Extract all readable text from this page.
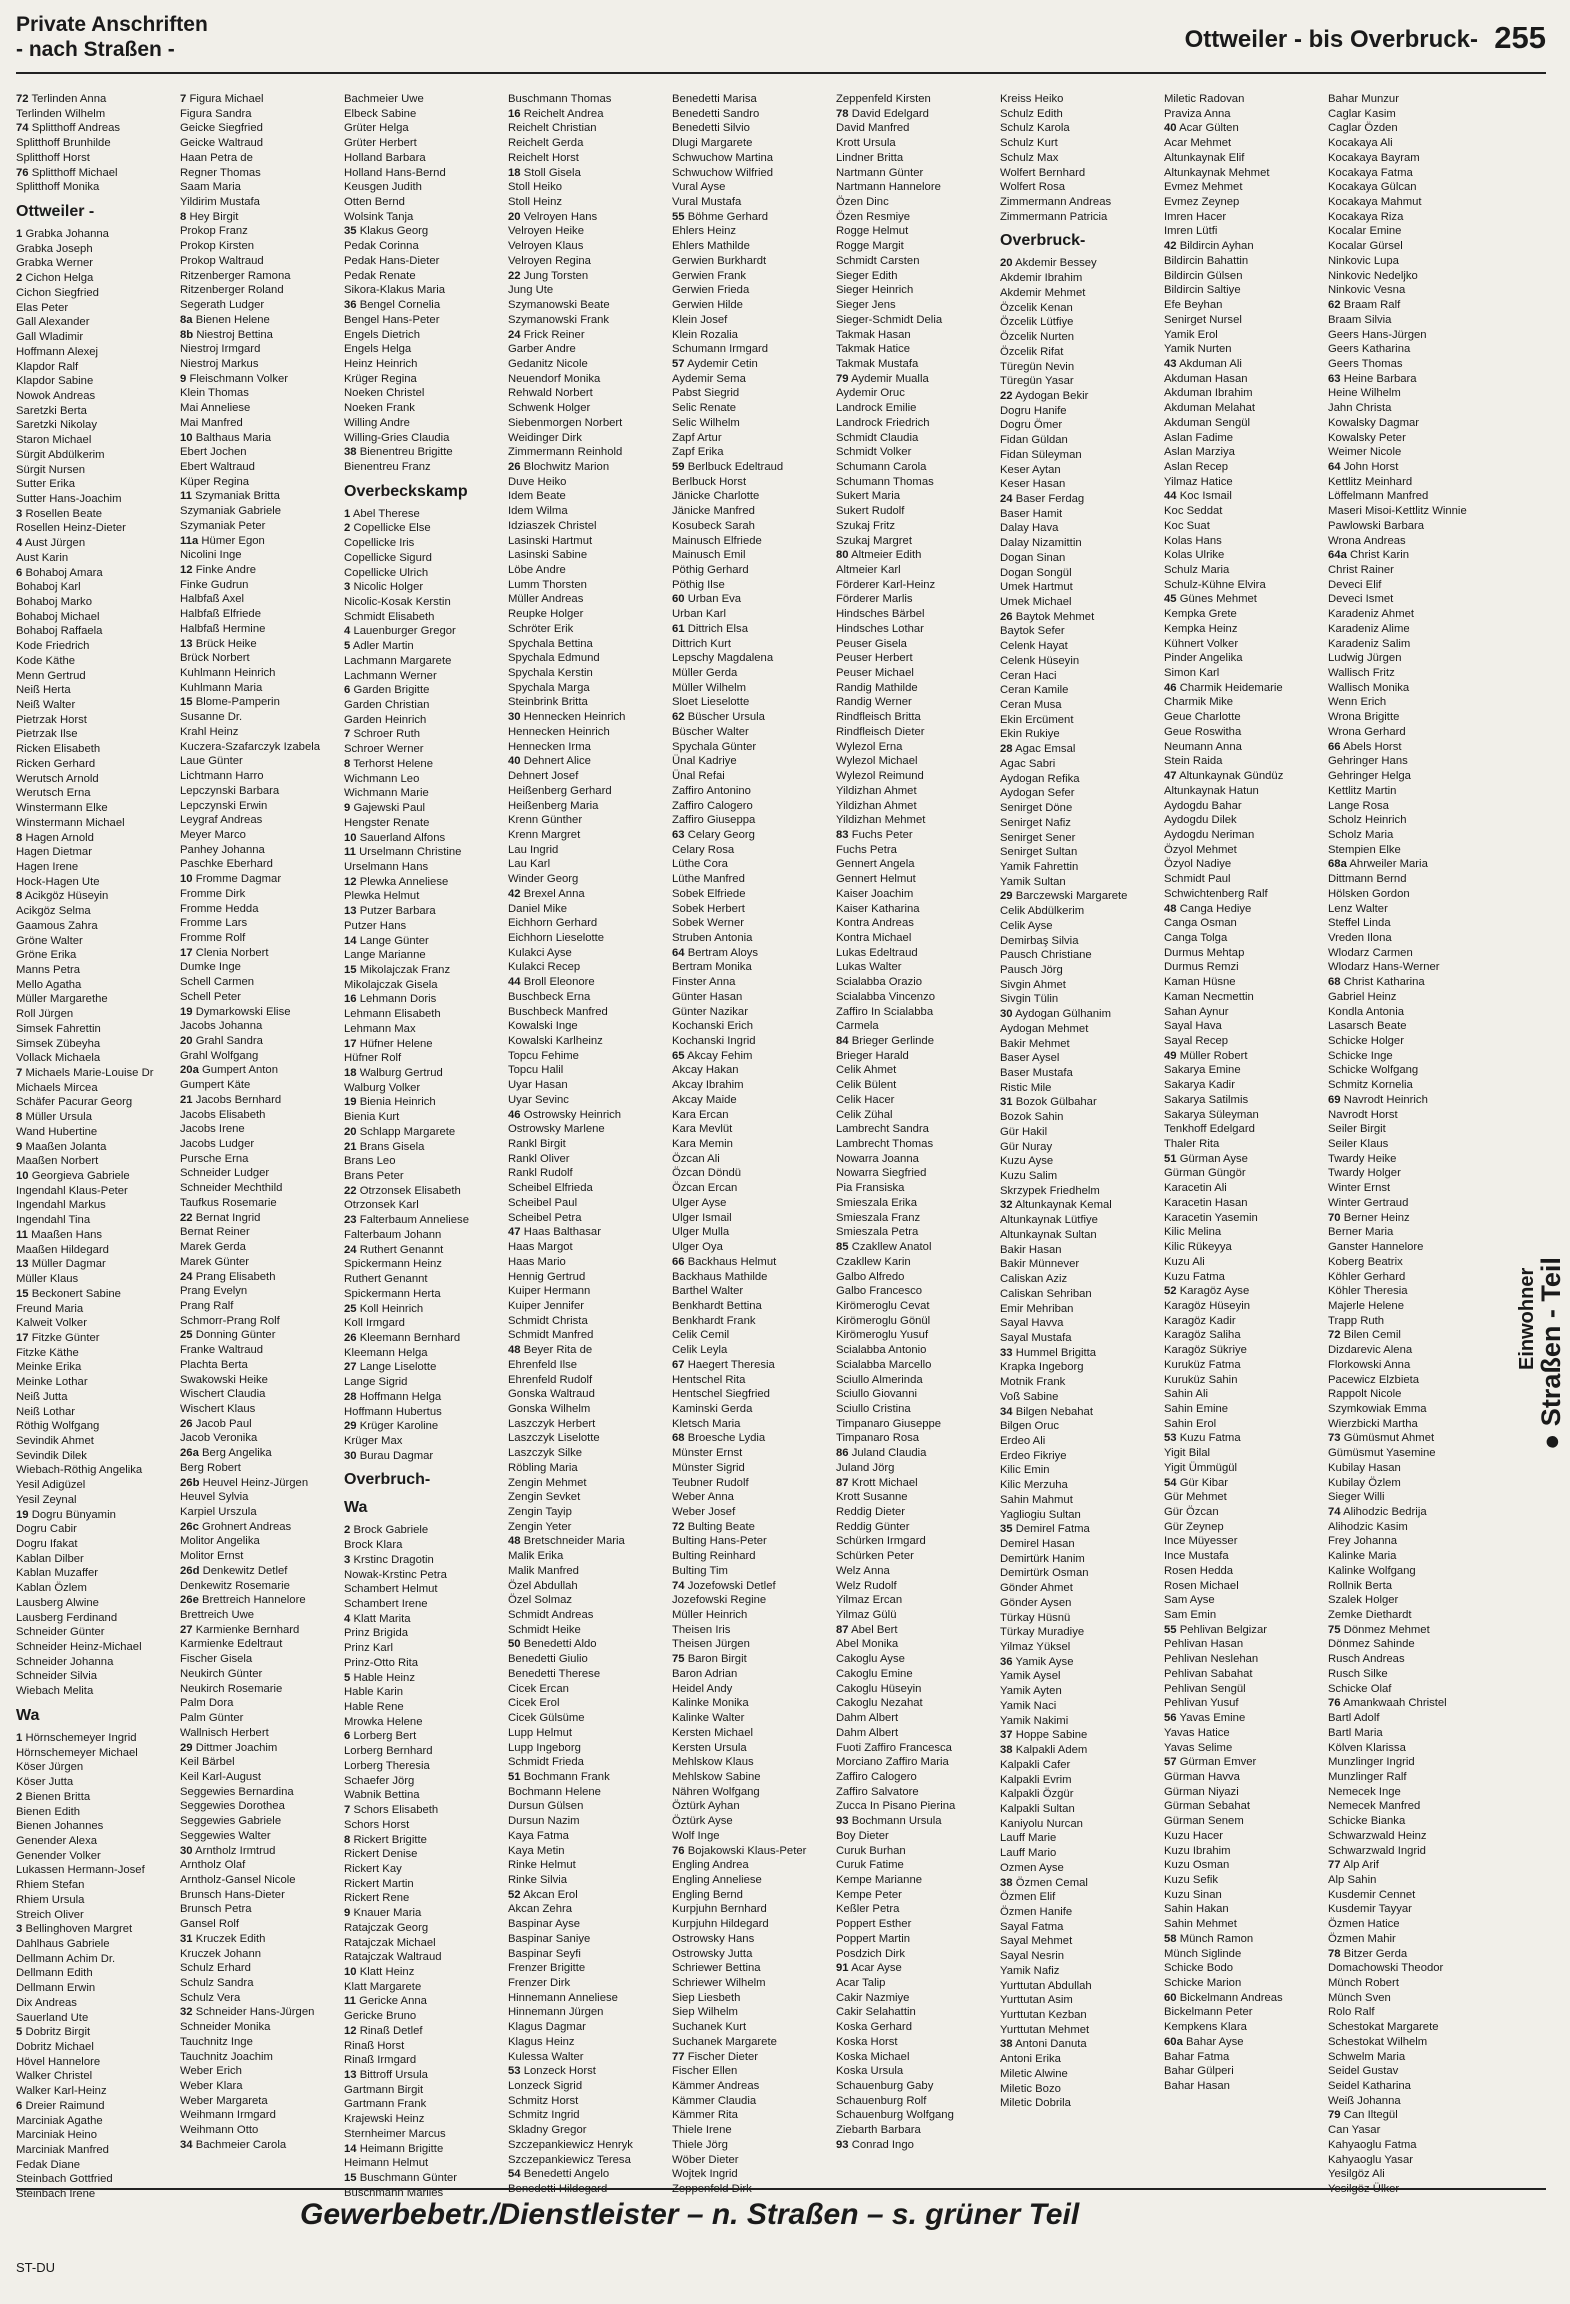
Private Anschriften
- nach Straßen -	Ottweiler - bis Overbruck- 255
72 Terlinden Anna
Terlinden Wilhelm
74 Splitthoff Andreas
Splitthoff Brunhilde
Splitthoff Horst
76 Splitthoff Michael
Splitthoff Monika
Ottweiler -
1 Grabka Johanna
Grabka Joseph
Grabka Werner
2 Cichon Helga
Cichon Siegfried
Elas Peter
Gall Alexander
Gall Wladimir
Hoffmann Alexej
Klapdor Ralf
Klapdor Sabine
Nowok Andreas
Saretzki Berta
Saretzki Nikolay
Staron Michael
Sürgit Abdülkerim
Sürgit Nursen
Sutter Erika
Sutter Hans-Joachim
3 Rosellen Beate
Rosellen Heinz-Dieter
4 Aust Jürgen
Aust Karin
6 Bohaboj Amara
Bohaboj Karl
Bohaboj Marko
Bohaboj Michael
Bohaboj Raffaela
Kode Friedrich
Kode Käthe
Menn Gertrud
Neiß Herta
Neiß Walter
Pietrzak Horst
Pietrzak Ilse
Ricken Elisabeth
Ricken Gerhard
Werutsch Arnold
Werutsch Erna
Winstermann Elke
Winstermann Michael
8 Hagen Arnold
Hagen Dietmar
Hagen Irene
Hock-Hagen Ute
8 Acikgöz Hüseyin
Acikgöz Selma
Gaamous Zahra
Gröne Walter
Gröne Erika
Manns Petra
Mello Agatha
Müller Margarethe
Roll Jürgen
Simsek Fahrettin
Simsek Zübeyha
Vollack Michaela
7 Michaels Marie-Louise Dr
Michaels Mircea
Schäfer Pacurar Georg
8 Müller Ursula
Wand Hubertine
9 Maaßen Jolanta
Maaßen Norbert
10 Georgieva Gabriele
Ingendahl Klaus-Peter
Ingendahl Markus
Ingendahl Tina
11 Maaßen Hans
Maaßen Hildegard
13 Müller Dagmar
Müller Klaus
15 Beckonert Sabine
Freund Maria
Kalweit Volker
17 Fitzke Günter
Fitzke Käthe
Meinke Erika
Meinke Lothar
Neiß Jutta
Neiß Lothar
Röthig Wolfgang
Sevindik Ahmet
Sevindik Dilek
Wiebach-Röthig Angelika
Yesil Adigüzel
Yesil Zeynal
19 Dogru Bünyamin
Dogru Cabir
Dogru Ifakat
Kablan Dilber
Kablan Muzaffer
Kablan Özlem
Lausberg Alwine
Lausberg Ferdinand
Schneider Günter
Schneider Heinz-Michael
Schneider Johanna
Schneider Silvia
Wiebach Melita
Wa
1 Hörnschemeyer Ingrid
Hörnschemeyer Michael
Köser Jürgen
Köser Jutta
2 Bienen Britta
Bienen Edith
Bienen Johannes
Genender Alexa
Genender Volker
Lukassen Hermann-Josef
Rhiem Stefan
Rhiem Ursula
Streich Oliver
3 Bellinghoven Margret
Dahlhaus Gabriele
Dellmann Achim Dr.
Dellmann Edith
Dellmann Erwin
Dix Andreas
Sauerland Ute
5 Dobritz Birgit
Dobritz Michael
Hövel Hannelore
Walker Christel
Walker Karl-Heinz
6 Dreier Raimund
Marciniak Agathe
Marciniak Heino
Marciniak Manfred
Fedak Diane
Steinbach Gottfried
Steinbach Irene
7 Figura Michael
Figura Sandra
Geicke Siegfried
Geicke Waltraud
Haan Petra de
Regner Thomas
Saam Maria
Yildirim Mustafa
8 Hey Birgit
Prokop Franz
Prokop Kirsten
Prokop Waltraud
Ritzenberger Ramona
Ritzenberger Roland
Segerath Ludger
8a Bienen Helene
8b Niestroj Bettina
Niestroj Irmgard
Niestroj Markus
9 Fleischmann Volker
Klein Thomas
Mai Anneliese
Mai Manfred
10 Balthaus Maria
Ebert Jochen
Ebert Waltraud
Küper Regina
11 Szymaniak Britta
Szymaniak Gabriele
Szymaniak Peter
11a Hümer Egon
Nicolini Inge
12 Finke Andre
Finke Gudrun
Halbfaß Axel
Halbfaß Elfriede
Halbfaß Hermine
13 Brück Heike
Brück Norbert
Kuhlmann Heinrich
Kuhlmann Maria
15 Blome-Pamperin
Susanne Dr.
Krahl Heinz
Kuczera-Szafarczyk Izabela
Laue Günter
Lichtmann Harro
Lepczynski Barbara
Lepczynski Erwin
Leygraf Andreas
Meyer Marco
Panhey Johanna
Paschke Eberhard
10 Fromme Dagmar
Fromme Dirk
Fromme Hedda
Fromme Lars
Fromme Rolf
17 Clenia Norbert
Dumke Inge
Schell Carmen
Schell Peter
19 Dymarkowski Elise
Jacobs Johanna
20 Grahl Sandra
Grahl Wolfgang
20a Gumpert Anton
Gumpert Käte
21 Jacobs Bernhard
Jacobs Elisabeth
Jacobs Irene
Jacobs Ludger
Pursche Erna
Schneider Ludger
Schneider Mechthild
Taufkus Rosemarie
22 Bernat Ingrid
Bernat Reiner
Marek Gerda
Marek Günter
24 Prang Elisabeth
Prang Evelyn
Prang Ralf
Schmorr-Prang Rolf
25 Donning Günter
Franke Waltraud
Plachta Berta
Swakowski Heike
Wischert Claudia
Wischert Klaus
26 Jacob Paul
Jacob Veronika
26a Berg Angelika
Berg Robert
26b Heuvel Heinz-Jürgen
Heuvel Sylvia
Karpiel Urszula
26c Grohnert Andreas
Molitor Angelika
Molitor Ernst
26d Denkewitz Detlef
Denkewitz Rosemarie
26e Brettreich Hannelore
Brettreich Uwe
27 Karmienke Bernhard
Karmienke Edeltraut
Fischer Gisela
Neukirch Günter
Neukirch Rosemarie
Palm Dora
Palm Günter
Wallnisch Herbert
29 Dittmer Joachim
Keil Bärbel
Keil Karl-August
Seggewies Bernardina
Seggewies Dorothea
Seggewies Gabriele
Seggewies Walter
30 Arntholz Irmtrud
Arntholz Olaf
Arntholz-Gansel Nicole
Brunsch Hans-Dieter
Brunsch Petra
Gansel Rolf
31 Kruczek Edith
Kruczek Johann
Schulz Erhard
Schulz Sandra
Schulz Vera
32 Schneider Hans-Jürgen
Schneider Monika
Tauchnitz Inge
Tauchnitz Joachim
Weber Erich
Weber Klara
Weber Margareta
Weihmann Irmgard
Weihmann Otto
34 Bachmeier Carola
Bachmeier Uwe
Elbeck Sabine
Grüter Helga
Grüter Herbert
Holland Barbara
Holland Hans-Bernd
Keusgen Judith
Otten Bernd
Wolsink Tanja
35 Klakus Georg
Pedak Corinna
Pedak Hans-Dieter
Pedak Renate
Sikora-Klakus Maria
36 Bengel Cornelia
Bengel Hans-Peter
Engels Dietrich
Engels Helga
Heinz Heinrich
Krüger Regina
Noeken Christel
Noeken Frank
Willing Andre
Willing-Gries Claudia
38 Bienentreu Brigitte
Bienentreu Franz
Overbeckskamp
1 Abel Therese
2 Copellicke Else
Copellicke Iris
Copellicke Sigurd
Copellicke Ulrich
3 Nicolic Holger
Nicolic-Kosak Kerstin
Schmidt Elisabeth
4 Lauenburger Gregor
5 Adler Martin
Lachmann Margarete
Lachmann Werner
6 Garden Brigitte
Garden Christian
Garden Heinrich
7 Schroer Ruth
Schroer Werner
8 Terhorst Helene
Wichmann Leo
Wichmann Marie
9 Gajewski Paul
Hengster Renate
10 Sauerland Alfons
11 Urselmann Christine
Urselmann Hans
12 Plewka Anneliese
Plewka Helmut
13 Putzer Barbara
Putzer Hans
14 Lange Günter
Lange Marianne
15 Mikolajczak Franz
Mikolajczak Gisela
16 Lehmann Doris
Lehmann Elisabeth
Lehmann Max
17 Hüfner Helene
Hüfner Rolf
18 Walburg Gertrud
Walburg Volker
19 Bienia Heinrich
Bienia Kurt
20 Schlapp Margarete
21 Brans Gisela
Brans Leo
Brans Peter
22 Otrzonsek Elisabeth
Otrzonsek Karl
23 Falterbaum Anneliese
Falterbaum Johann
24 Ruthert Genannt
Spickermann Heinz
Ruthert Genannt
Spickermann Herta
25 Koll Heinrich
Koll Irmgard
26 Kleemann Bernhard
Kleemann Helga
27 Lange Liselotte
Lange Sigrid
28 Hoffmann Helga
Hoffmann Hubertus
29 Krüger Karoline
Krüger Max
30 Burau Dagmar
Overbruch-
Wa
2 Brock Gabriele
Brock Klara
3 Krstinc Dragotin
Nowak-Krstinc Petra
Schambert Helmut
Schambert Irene
4 Klatt Marita
Prinz Brigida
Prinz Karl
Prinz-Otto Rita
5 Hable Heinz
Hable Karin
Hable Rene
Mrowka Helene
6 Lorberg Bert
Lorberg Bernhard
Lorberg Theresia
Schaefer Jörg
Wabnik Bettina
7 Schors Elisabeth
Schors Horst
8 Rickert Brigitte
Rickert Denise
Rickert Kay
Rickert Martin
Rickert Rene
9 Knauer Maria
Ratajczak Georg
Ratajczak Michael
Ratajczak Waltraud
10 Klatt Heinz
Klatt Margarete
11 Gericke Anna
Gericke Bruno
12 Rinaß Detlef
Rinaß Horst
Rinaß Irmgard
13 Bittroff Ursula
Gartmann Birgit
Gartmann Frank
Krajewski Heinz
Sternheimer Marcus
14 Heimann Brigitte
Heimann Helmut
15 Buschmann Günter
Buschmann Marlies
Buschmann Thomas
16 Reichelt Andrea
Reichelt Christian
Reichelt Gerda
Reichelt Horst
18 Stoll Gisela
Stoll Heiko
Stoll Heinz
20 Velroyen Hans
Velroyen Heike
Velroyen Klaus
Velroyen Regina
22 Jung Torsten
Jung Ute
Szymanowski Beate
Szymanowski Frank
24 Frick Reiner
Garber Andre
Gedanitz Nicole
Neuendorf Monika
Rehwald Norbert
Schwenk Holger
Siebenmorgen Norbert
Weidinger Dirk
Zimmermann Reinhold
26 Blochwitz Marion
Duve Heiko
Idem Beate
Idem Wilma
Idziaszek Christel
Lasinski Hartmut
Lasinski Sabine
Löbe Andre
Lumm Thorsten
Müller Andreas
Reupke Holger
Schröter Erik
Spychala Bettina
Spychala Edmund
Spychala Kerstin
Spychala Marga
Steinbrink Britta
30 Hennecken Heinrich
Hennecken Heinrich
Hennecken Irma
40 Dehnert Alice
Dehnert Josef
Heißenberg Gerhard
Heißenberg Maria
Krenn Günther
Krenn Margret
Lau Ingrid
Lau Karl
Winder Georg
42 Brexel Anna
Daniel Mike
Eichhorn Gerhard
Eichhorn Lieselotte
Kulakci Ayse
Kulakci Recep
44 Broll Eleonore
Buschbeck Erna
Buschbeck Manfred
Kowalski Inge
Kowalski Karlheinz
Topcu Fehime
Topcu Halil
Uyar Hasan
Uyar Sevinc
46 Ostrowsky Heinrich
Ostrowsky Marlene
Rankl Birgit
Rankl Oliver
Rankl Rudolf
Scheibel Elfrieda
Scheibel Paul
Scheibel Petra
47 Haas Balthasar
Haas Margot
Haas Mario
Hennig Gertrud
Kuiper Hermann
Kuiper Jennifer
Schmidt Christa
Schmidt Manfred
48 Beyer Rita de
Ehrenfeld Ilse
Ehrenfeld Rudolf
Gonska Waltraud
Gonska Wilhelm
Laszczyk Herbert
Laszczyk Liselotte
Laszczyk Silke
Röbling Maria
Zengin Mehmet
Zengin Sevket
Zengin Tayip
Zengin Yeter
48 Bretschneider Maria
Malik Erika
Malik Manfred
Özel Abdullah
Özel Solmaz
Schmidt Andreas
Schmidt Heike
50 Benedetti Aldo
Benedetti Giulio
Benedetti Therese
Cicek Ercan
Cicek Erol
Cicek Gülsüme
Lupp Helmut
Lupp Ingeborg
Schmidt Frieda
51 Bochmann Frank
Bochmann Helene
Dursun Gülsen
Dursun Nazim
Kaya Fatma
Kaya Metin
Rinke Helmut
Rinke Silvia
52 Akcan Erol
Akcan Zehra
Baspinar Ayse
Baspinar Saniye
Baspinar Seyfi
Frenzer Brigitte
Frenzer Dirk
Hinnemann Anneliese
Hinnemann Jürgen
Klagus Dagmar
Klagus Heinz
Kulessa Walter
53 Lonzeck Horst
Lonzeck Sigrid
Schmitz Horst
Schmitz Ingrid
Skladny Gregor
Szczepankiewicz Henryk
Szczepankiewicz Teresa
54 Benedetti Angelo
Benedetti Hildegard
Benedetti Marisa
Benedetti Sandro
Benedetti Silvio
Dlugi Margarete
Schwuchow Martina
Schwuchow Wilfried
Vural Ayse
Vural Mustafa
55 Böhme Gerhard
Ehlers Heinz
Ehlers Mathilde
Gerwien Burkhardt
Gerwien Frank
Gerwien Frieda
Gerwien Hilde
Klein Josef
Klein Rozalia
Schumann Irmgard
57 Aydemir Cetin
Aydemir Sema
Pabst Siegrid
Selic Renate
Selic Wilhelm
Zapf Artur
Zapf Erika
59 Berlbuck Edeltraud
Berlbuck Horst
Jänicke Charlotte
Jänicke Manfred
Kosubeck Sarah
Mainusch Elfriede
Mainusch Emil
Pöthig Gerhard
Pöthig Ilse
60 Urban Eva
Urban Karl
61 Dittrich Elsa
Dittrich Kurt
Lepschy Magdalena
Müller Gerda
Müller Wilhelm
Sloet Lieselotte
62 Büscher Ursula
Büscher Walter
Spychala Günter
Ünal Kadriye
Ünal Refai
Zaffiro Antonino
Zaffiro Calogero
Zaffiro Giuseppa
63 Celary Georg
Celary Rosa
Lüthe Cora
Lüthe Manfred
Sobek Elfriede
Sobek Herbert
Sobek Werner
Struben Antonia
64 Bertram Aloys
Bertram Monika
Finster Anna
Günter Hasan
Günter Nazikar
Kochanski Erich
Kochanski Ingrid
65 Akcay Fehim
Akcay Hakan
Akcay Ibrahim
Akcay Maide
Kara Ercan
Kara Mevlüt
Kara Memin
Özcan Ali
Özcan Döndü
Özcan Ercan
Ulger Ayse
Ulger Ismail
Ulger Mulla
Ulger Oya
66 Backhaus Helmut
Backhaus Mathilde
Barthel Walter
Benkhardt Bettina
Benkhardt Frank
Celik Cemil
Celik Leyla
67 Haegert Theresia
Hentschel Rita
Hentschel Siegfried
Kaminski Gerda
Kletsch Maria
68 Broesche Lydia
Münster Ernst
Münster Sigrid
Teubner Rudolf
Weber Anna
Weber Josef
72 Bulting Beate
Bulting Hans-Peter
Bulting Reinhard
Bulting Tim
74 Jozefowski Detlef
Jozefowski Regine
Müller Heinrich
Theisen Iris
Theisen Jürgen
75 Baron Birgit
Baron Adrian
Heidel Andy
Kalinke Monika
Kalinke Walter
Kersten Michael
Kersten Ursula
Mehlskow Klaus
Mehlskow Sabine
Nähren Wolfgang
Öztürk Ayhan
Öztürk Ayse
Wolf Inge
76 Bojakowski Klaus-Peter
Engling Andrea
Engling Anneliese
Engling Bernd
Kurpjuhn Bernhard
Kurpjuhn Hildegard
Ostrowsky Hans
Ostrowsky Jutta
Schriewer Bettina
Schriewer Wilhelm
Siep Liesbeth
Siep Wilhelm
Suchanek Kurt
Suchanek Margarete
77 Fischer Dieter
Fischer Ellen
Kämmer Andreas
Kämmer Claudia
Kämmer Rita
Thiele Irene
Thiele Jörg
Wöber Dieter
Wojtek Ingrid
Zeppenfeld Dirk
Zeppenfeld Kirsten
78 David Edelgard
David Manfred
Krott Ursula
Lindner Britta
Nartmann Günter
Nartmann Hannelore
Özen Dinc
Özen Resmiye
Rogge Helmut
Rogge Margit
Schmidt Carsten
Sieger Edith
Sieger Heinrich
Sieger Jens
Sieger-Schmidt Delia
Takmak Hasan
Takmak Hatice
Takmak Mustafa
79 Aydemir Mualla
Aydemir Oruc
Landrock Emilie
Landrock Friedrich
Schmidt Claudia
Schmidt Volker
Schumann Carola
Schumann Thomas
Sukert Maria
Sukert Rudolf
Szukaj Fritz
Szukaj Margret
80 Altmeier Edith
Altmeier Karl
Förderer Karl-Heinz
Förderer Marlis
Hindsches Bärbel
Hindsches Lothar
Peuser Gisela
Peuser Herbert
Peuser Michael
Randig Mathilde
Randig Werner
Rindfleisch Britta
Rindfleisch Dieter
Wylezol Erna
Wylezol Michael
Wylezol Reimund
Yildizhan Ahmet
Yildizhan Ahmet
Yildizhan Mehmet
83 Fuchs Peter
Fuchs Petra
Gennert Angela
Gennert Helmut
Kaiser Joachim
Kaiser Katharina
Kontra Andreas
Kontra Michael
Lukas Edeltraud
Lukas Walter
Scialabba Orazio
Scialabba Vincenzo
Zaffiro In Scialabba
Carmela
84 Brieger Gerlinde
Brieger Harald
Celik Ahmet
Celik Bülent
Celik Hacer
Celik Zühal
Lambrecht Sandra
Lambrecht Thomas
Nowarra Joanna
Nowarra Siegfried
Pia Fransiska
Smieszala Erika
Smieszala Franz
Smieszala Petra
85 Czakllew Anatol
Czakllew Karin
Galbo Alfredo
Galbo Francesco
Kirömeroglu Cevat
Kirömeroglu Gönül
Kirömeroglu Yusuf
Scialabba Antonio
Scialabba Marcello
Sciullo Almerinda
Sciullo Giovanni
Sciullo Cristina
Timpanaro Giuseppe
Timpanaro Rosa
86 Juland Claudia
Juland Jörg
87 Krott Michael
Krott Susanne
Reddig Dieter
Reddig Günter
Schürken Irmgard
Schürken Peter
Welz Anna
Welz Rudolf
Yilmaz Ercan
Yilmaz Gülü
87 Abel Bert
Abel Monika
Cakoglu Ayse
Cakoglu Emine
Cakoglu Hüseyin
Cakoglu Nezahat
Dahm Albert
Dahm Albert
Fuoti Zaffiro Francesca
Morciano Zaffiro Maria
Zaffiro Calogero
Zaffiro Salvatore
Zucca In Pisano Pierina
93 Bochmann Ursula
Boy Dieter
Curuk Burhan
Curuk Fatime
Kempe Marianne
Kempe Peter
Keßler Petra
Poppert Esther
Poppert Martin
Posdzich Dirk
91 Acar Ayse
Acar Talip
Cakir Nazmiye
Cakir Selahattin
Koska Gerhard
Koska Horst
Koska Michael
Koska Ursula
Schauenburg Gaby
Schauenburg Rolf
Schauenburg Wolfgang
Ziebarth Barbara
93 Conrad Ingo
Kreiss Heiko
Schulz Edith
Schulz Karola
Schulz Kurt
Schulz Max
Wolfert Bernhard
Wolfert Rosa
Zimmermann Andreas
Zimmermann Patricia
Overbruck-
20 Akdemir Bessey
Akdemir Ibrahim
Akdemir Mehmet
Özcelik Kenan
Özcelik Lütfiye
Özcelik Nurten
Özcelik Rifat
Türegün Nevin
Türegün Yasar
22 Aydogan Bekir
Dogru Hanife
Dogru Ömer
Fidan Güldan
Fidan Süleyman
Keser Aytan
Keser Hasan
24 Baser Ferdag
Baser Hamit
Dalay Hava
Dalay Nizamittin
Dogan Sinan
Dogan Songül
Umek Hartmut
Umek Michael
26 Baytok Mehmet
Baytok Sefer
Celenk Hayat
Celenk Hüseyin
Ceran Haci
Ceran Kamile
Ceran Musa
Ekin Ercüment
Ekin Rukiye
28 Agac Emsal
Agac Sabri
Aydogan Refika
Aydogan Sefer
Senirget Döne
Senirget Nafiz
Senirget Sener
Senirget Sultan
Yamik Fahrettin
Yamik Sultan
29 Barczewski Margarete
Celik Abdülkerim
Celik Ayse
Demirbaş Silvia
Pausch Christiane
Pausch Jörg
Sivgin Ahmet
Sivgin Tülin
30 Aydogan Gülhanim
Aydogan Mehmet
Bakir Mehmet
Baser Aysel
Baser Mustafa
Ristic Mile
31 Bozok Gülbahar
Bozok Sahin
Gür Hakil
Gür Nuray
Kuzu Ayse
Kuzu Salim
Skrzypek Friedhelm
32 Altunkaynak Kemal
Altunkaynak Lütfiye
Altunkaynak Sultan
Bakir Hasan
Bakir Münnever
Caliskan Aziz
Caliskan Sehriban
Emir Mehriban
Sayal Havva
Sayal Mustafa
33 Hummel Brigitta
Krapka Ingeborg
Motnik Frank
Voß Sabine
34 Bilgen Nebahat
Bilgen Oruc
Erdeo Ali
Erdeo Fikriye
Kilic Emin
Kilic Merzuha
Sahin Mahmut
Yagliogiu Sultan
35 Demirel Fatma
Demirel Hasan
Demirtürk Hanim
Demirtürk Osman
Gönder Ahmet
Gönder Aysen
Türkay Hüsnü
Türkay Muradiye
Yilmaz Yüksel
36 Yamik Ayse
Yamik Aysel
Yamik Ayten
Yamik Naci
Yamik Nakimi
37 Hoppe Sabine
38 Kalpakli Adem
Kalpakli Cafer
Kalpakli Evrim
Kalpakli Özgür
Kalpakli Sultan
Kaniyolu Nurcan
Lauff Marie
Lauff Mario
Ozmen Ayse
38 Özmen Cemal
Özmen Elif
Özmen Hanife
Sayal Fatma
Sayal Mehmet
Sayal Nesrin
Yamik Nafiz
Yurttutan Abdullah
Yurttutan Asim
Yurttutan Kezban
Yurttutan Mehmet
38 Antoni Danuta
Antoni Erika
Miletic Alwine
Miletic Bozo
Miletic Dobrila
Miletic Radovan
Praviza Anna
40 Acar Gülten
Acar Mehmet
Altunkaynak Elif
Altunkaynak Mehmet
Evmez Mehmet
Evmez Zeynep
Imren Hacer
Imren Lütfi
42 Bildircin Ayhan
Bildircin Bahattin
Bildircin Gülsen
Bildircin Saltiye
Efe Beyhan
Senirget Nursel
Yamik Erol
Yamik Nurten
43 Akduman Ali
Akduman Hasan
Akduman Ibrahim
Akduman Melahat
Akduman Sengül
Aslan Fadime
Aslan Marziya
Aslan Recep
Yilmaz Hatice
44 Koc Ismail
Koc Seddat
Koc Suat
Kolas Hans
Kolas Ulrike
Schulz Maria
Schulz-Kühne Elvira
45 Günes Mehmet
Kempka Grete
Kempka Heinz
Kühnert Volker
Pinder Angelika
Simon Karl
46 Charmik Heidemarie
Charmik Mike
Geue Charlotte
Geue Roswitha
Neumann Anna
Stein Raida
47 Altunkaynak Gündüz
Altunkaynak Hatun
Aydogdu Bahar
Aydogdu Dilek
Aydogdu Neriman
Özyol Mehmet
Özyol Nadiye
Schmidt Paul
Schwichtenberg Ralf
48 Canga Hediye
Canga Osman
Canga Tolga
Durmus Mehtap
Durmus Remzi
Kaman Hüsne
Kaman Necmettin
Sahan Aynur
Sayal Hava
Sayal Recep
49 Müller Robert
Sakarya Emine
Sakarya Kadir
Sakarya Satilmis
Sakarya Süleyman
Tenkhoff Edelgard
Thaler Rita
51 Gürman Ayse
Gürman Güngör
Karacetin Ali
Karacetin Hasan
Karacetin Yasemin
Kilic Melina
Kilic Rükeyya
Kuzu Ali
Kuzu Fatma
52 Karagöz Ayse
Karagöz Hüseyin
Karagöz Kadir
Karagöz Saliha
Karagöz Sükriye
Kuruküz Fatma
Kuruküz Sahin
Sahin Ali
Sahin Emine
Sahin Erol
53 Kuzu Fatma
Yigit Bilal
Yigit Ümmügül
54 Gür Kibar
Gür Mehmet
Gür Özcan
Gür Zeynep
Ince Müyesser
Ince Mustafa
Rosen Hedda
Rosen Michael
Sam Ayse
Sam Emin
55 Pehlivan Belgizar
Pehlivan Hasan
Pehlivan Neslehan
Pehlivan Sabahat
Pehlivan Sengül
Pehlivan Yusuf
56 Yavas Emine
Yavas Hatice
Yavas Selime
57 Gürman Emver
Gürman Havva
Gürman Niyazi
Gürman Sebahat
Gürman Senem
Kuzu Hacer
Kuzu Ibrahim
Kuzu Osman
Kuzu Sefik
Kuzu Sinan
Sahin Hakan
Sahin Mehmet
58 Münch Ramon
Münch Siglinde
Schicke Bodo
Schicke Marion
60 Bickelmann Andreas
Bickelmann Peter
Kempkens Klara
60a Bahar Ayse
Bahar Fatma
Bahar Gülperi
Bahar Hasan
Bahar Munzur
Caglar Kasim
Caglar Özden
Kocakaya Ali
Kocakaya Bayram
Kocakaya Fatma
Kocakaya Gülcan
Kocakaya Mahmut
Kocakaya Riza
Kocalar Emine
Kocalar Gürsel
Ninkovic Lupa
Ninkovic Nedeljko
Ninkovic Vesna
62 Braam Ralf
Braam Silvia
Geers Hans-Jürgen
Geers Katharina
Geers Thomas
63 Heine Barbara
Heine Wilhelm
Jahn Christa
Kowalsky Dagmar
Kowalsky Peter
Weimer Nicole
64 John Horst
Kettlitz Meinhard
Löffelmann Manfred
Maseri Misoi-Kettlitz Winnie
Pawlowski Barbara
Wrona Andreas
64a Christ Karin
Christ Rainer
Deveci Elif
Deveci Ismet
Karadeniz Ahmet
Karadeniz Alime
Karadeniz Salim
Ludwig Jürgen
Wallisch Fritz
Wallisch Monika
Wenn Erich
Wrona Brigitte
Wrona Gerhard
66 Abels Horst
Gehringer Hans
Gehringer Helga
Kettlitz Martin
Lange Rosa
Scholz Heinrich
Scholz Maria
Stempien Elke
68a Ahrweiler Maria
Dittmann Bernd
Hölsken Gordon
Lenz Walter
Steffel Linda
Vreden Ilona
Wlodarz Carmen
Wlodarz Hans-Werner
68 Christ Katharina
Gabriel Heinz
Kondla Antonia
Lasarsch Beate
Schicke Holger
Schicke Inge
Schicke Wolfgang
Schmitz Kornelia
69 Navrodt Heinrich
Navrodt Horst
Seiler Birgit
Seiler Klaus
Twardy Heike
Twardy Holger
Winter Ernst
Winter Gertraud
70 Berner Heinz
Berner Maria
Ganster Hannelore
Koberg Beatrix
Köhler Gerhard
Köhler Theresia
Majerle Helene
Trapp Ruth
72 Bilen Cemil
Dizdarevic Alena
Florkowski Anna
Pacewicz Elzbieta
Rappolt Nicole
Szymkowiak Emma
Wierzbicki Martha
73 Gümüsmut Ahmet
Gümüsmut Yasemine
Kubilay Hasan
Kubilay Özlem
Sieger Willi
74 Alihodzic Bedrija
Alihodzic Kasim
Frey Johanna
Kalinke Maria
Kalinke Wolfgang
Rollnik Berta
Szalek Holger
Zemke Diethardt
75 Dönmez Mehmet
Dönmez Sahinde
Rusch Andreas
Rusch Silke
Schicke Olaf
76 Amankwaah Christel
Bartl Adolf
Bartl Maria
Kölven Klarissa
Munzlinger Ingrid
Munzlinger Ralf
Nemecek Inge
Nemecek Manfred
Schicke Bianka
Schwarzwald Heinz
Schwarzwald Ingrid
77 Alp Arif
Alp Sahin
Kusdemir Cennet
Kusdemir Tayyar
Özmen Hatice
Özmen Mahir
78 Bitzer Gerda
Domachowski Theodor
Münch Robert
Münch Sven
Rolo Ralf
Schestokat Margarete
Schestokat Wilhelm
Schwelm Maria
Seidel Gustav
Seidel Katharina
Weiß Johanna
79 Can Iltegül
Can Yasar
Kahyaoglu Fatma
Kahyaoglu Yasar
Yesilgöz Ali
Yesilgöz Ülker
Einwohner
● Straßen - Teil
Gewerbebetr./Dienstleister – n. Straßen – s. grüner Teil
ST-DU
